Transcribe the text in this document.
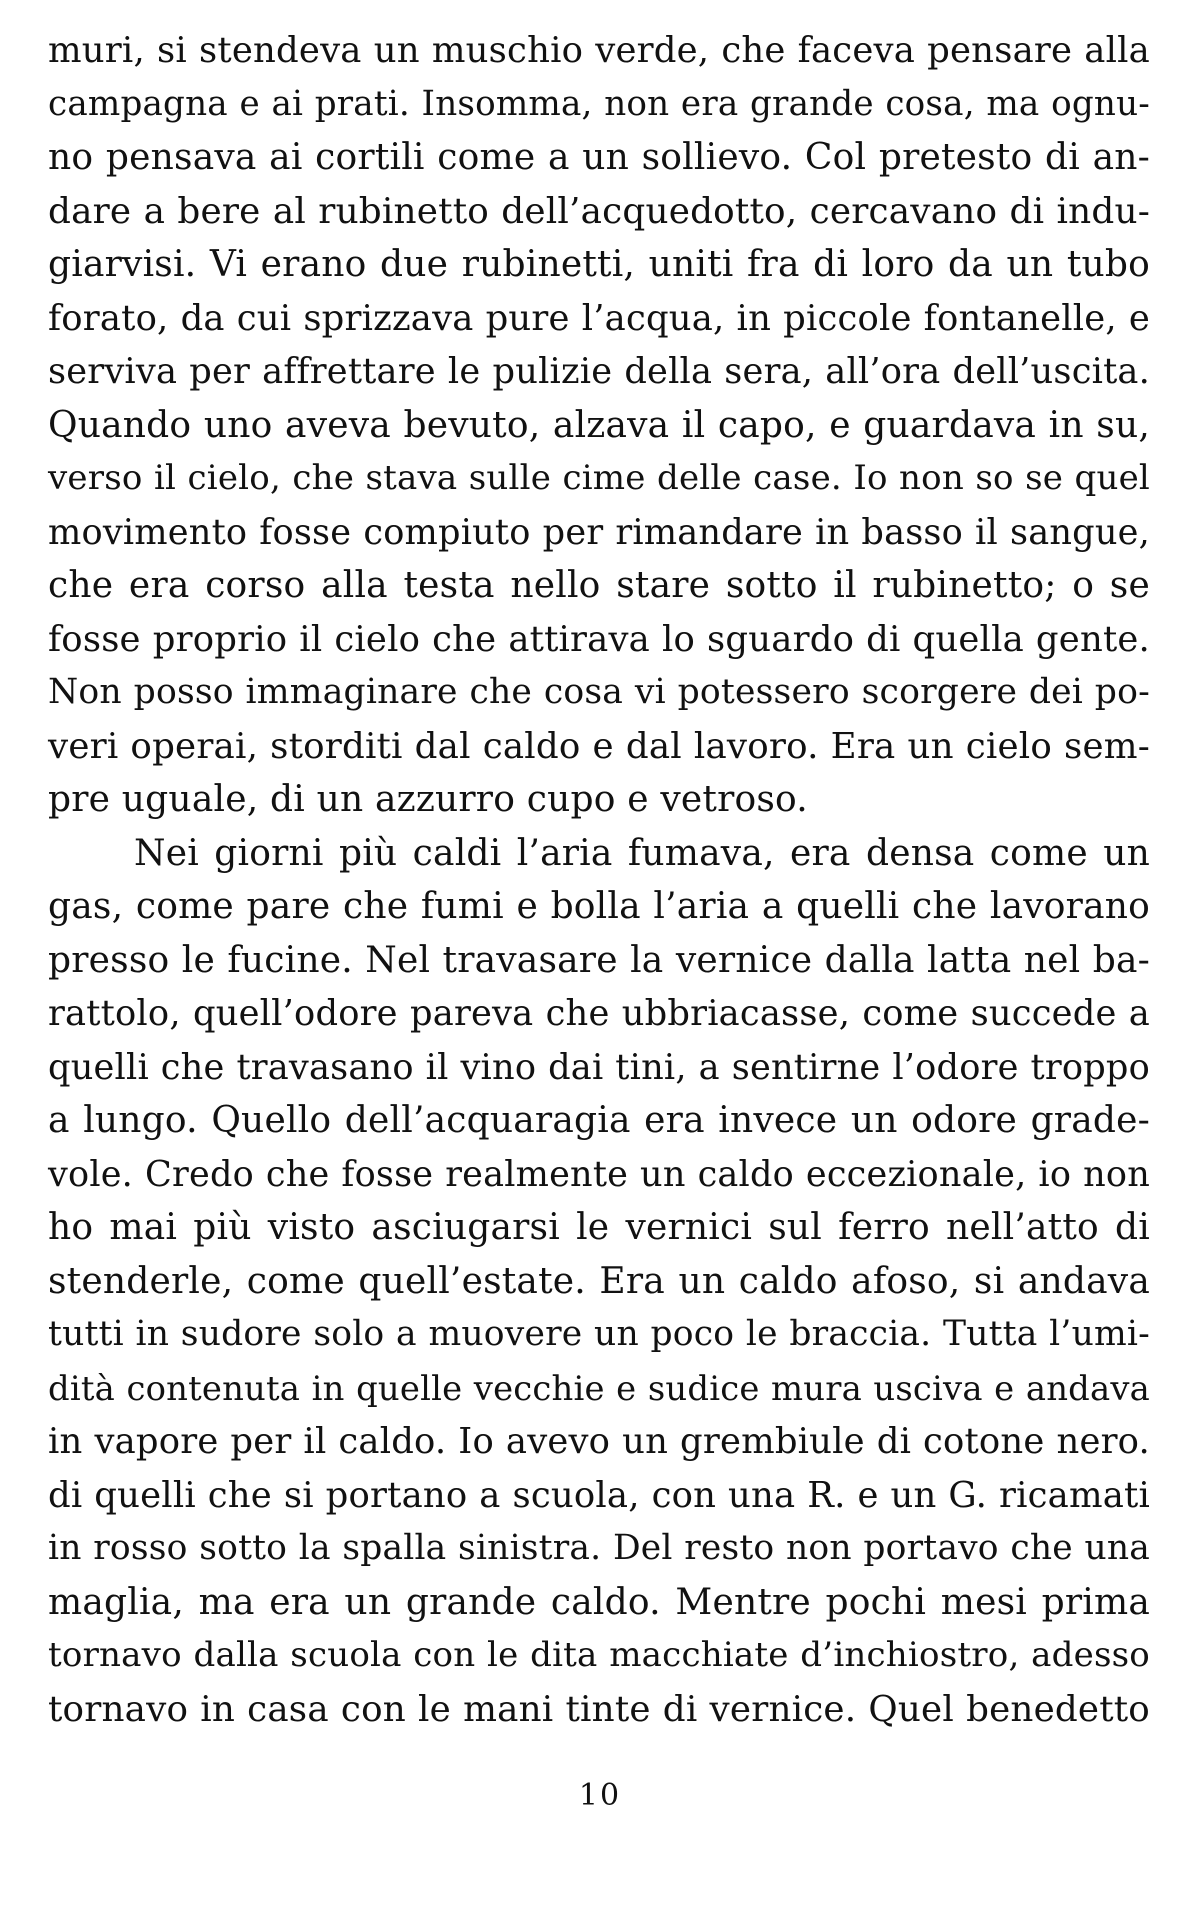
muri, si stendeva un muschio verde, che faceva pensare alla
campagna e ai prati. Insomma, non era grande cosa, ma ognu-
no pensava ai cortili come a un sollievo. Col pretesto di an-
dare a bere al rubinetto dell’acquedotto, cercavano di indu-
giarvisi. Vi erano due rubinetti, uniti fra di loro da un tubo
forato, da cui sprizzava pure l’acqua, in piccole fontanelle, e
serviva per affrettare le pulizie della sera, all’ora dell’uscita.
Quando uno aveva bevuto, alzava il capo, e guardava in su,
verso il cielo, che stava sulle cime delle case. Io non so se quel
movimento fosse compiuto per rimandare in basso il sangue,
che era corso alla testa nello stare sotto il rubinetto; o se
fosse proprio il cielo che attirava lo sguardo di quella gente.
Non posso immaginare che cosa vi potessero scorgere dei po-
veri operai, storditi dal caldo e dal lavoro. Era un cielo sem-
pre uguale, di un azzurro cupo e vetroso.
Nei giorni più caldi l’aria fumava, era densa come un
gas, come pare che fumi e bolla l’aria a quelli che lavorano
presso le fucine. Nel travasare la vernice dalla latta nel ba-
rattolo, quell’odore pareva che ubbriacasse, come succede a
quelli che travasano il vino dai tini, a sentirne l’odore troppo
a lungo. Quello dell’acquaragia era invece un odore grade-
vole. Credo che fosse realmente un caldo eccezionale, io non
ho mai più visto asciugarsi le vernici sul ferro nell’atto di
stenderle, come quell’estate. Era un caldo afoso, si andava
tutti in sudore solo a muovere un poco le braccia. Tutta l’umi-
dità contenuta in quelle vecchie e sudice mura usciva e andava
in vapore per il caldo. Io avevo un grembiule di cotone nero.
di quelli che si portano a scuola, con una R. e un G. ricamati
in rosso sotto la spalla sinistra. Del resto non portavo che una
maglia, ma era un grande caldo. Mentre pochi mesi prima
tornavo dalla scuola con le dita macchiate d’inchiostro, adesso
tornavo in casa con le mani tinte di vernice. Quel benedetto
10
